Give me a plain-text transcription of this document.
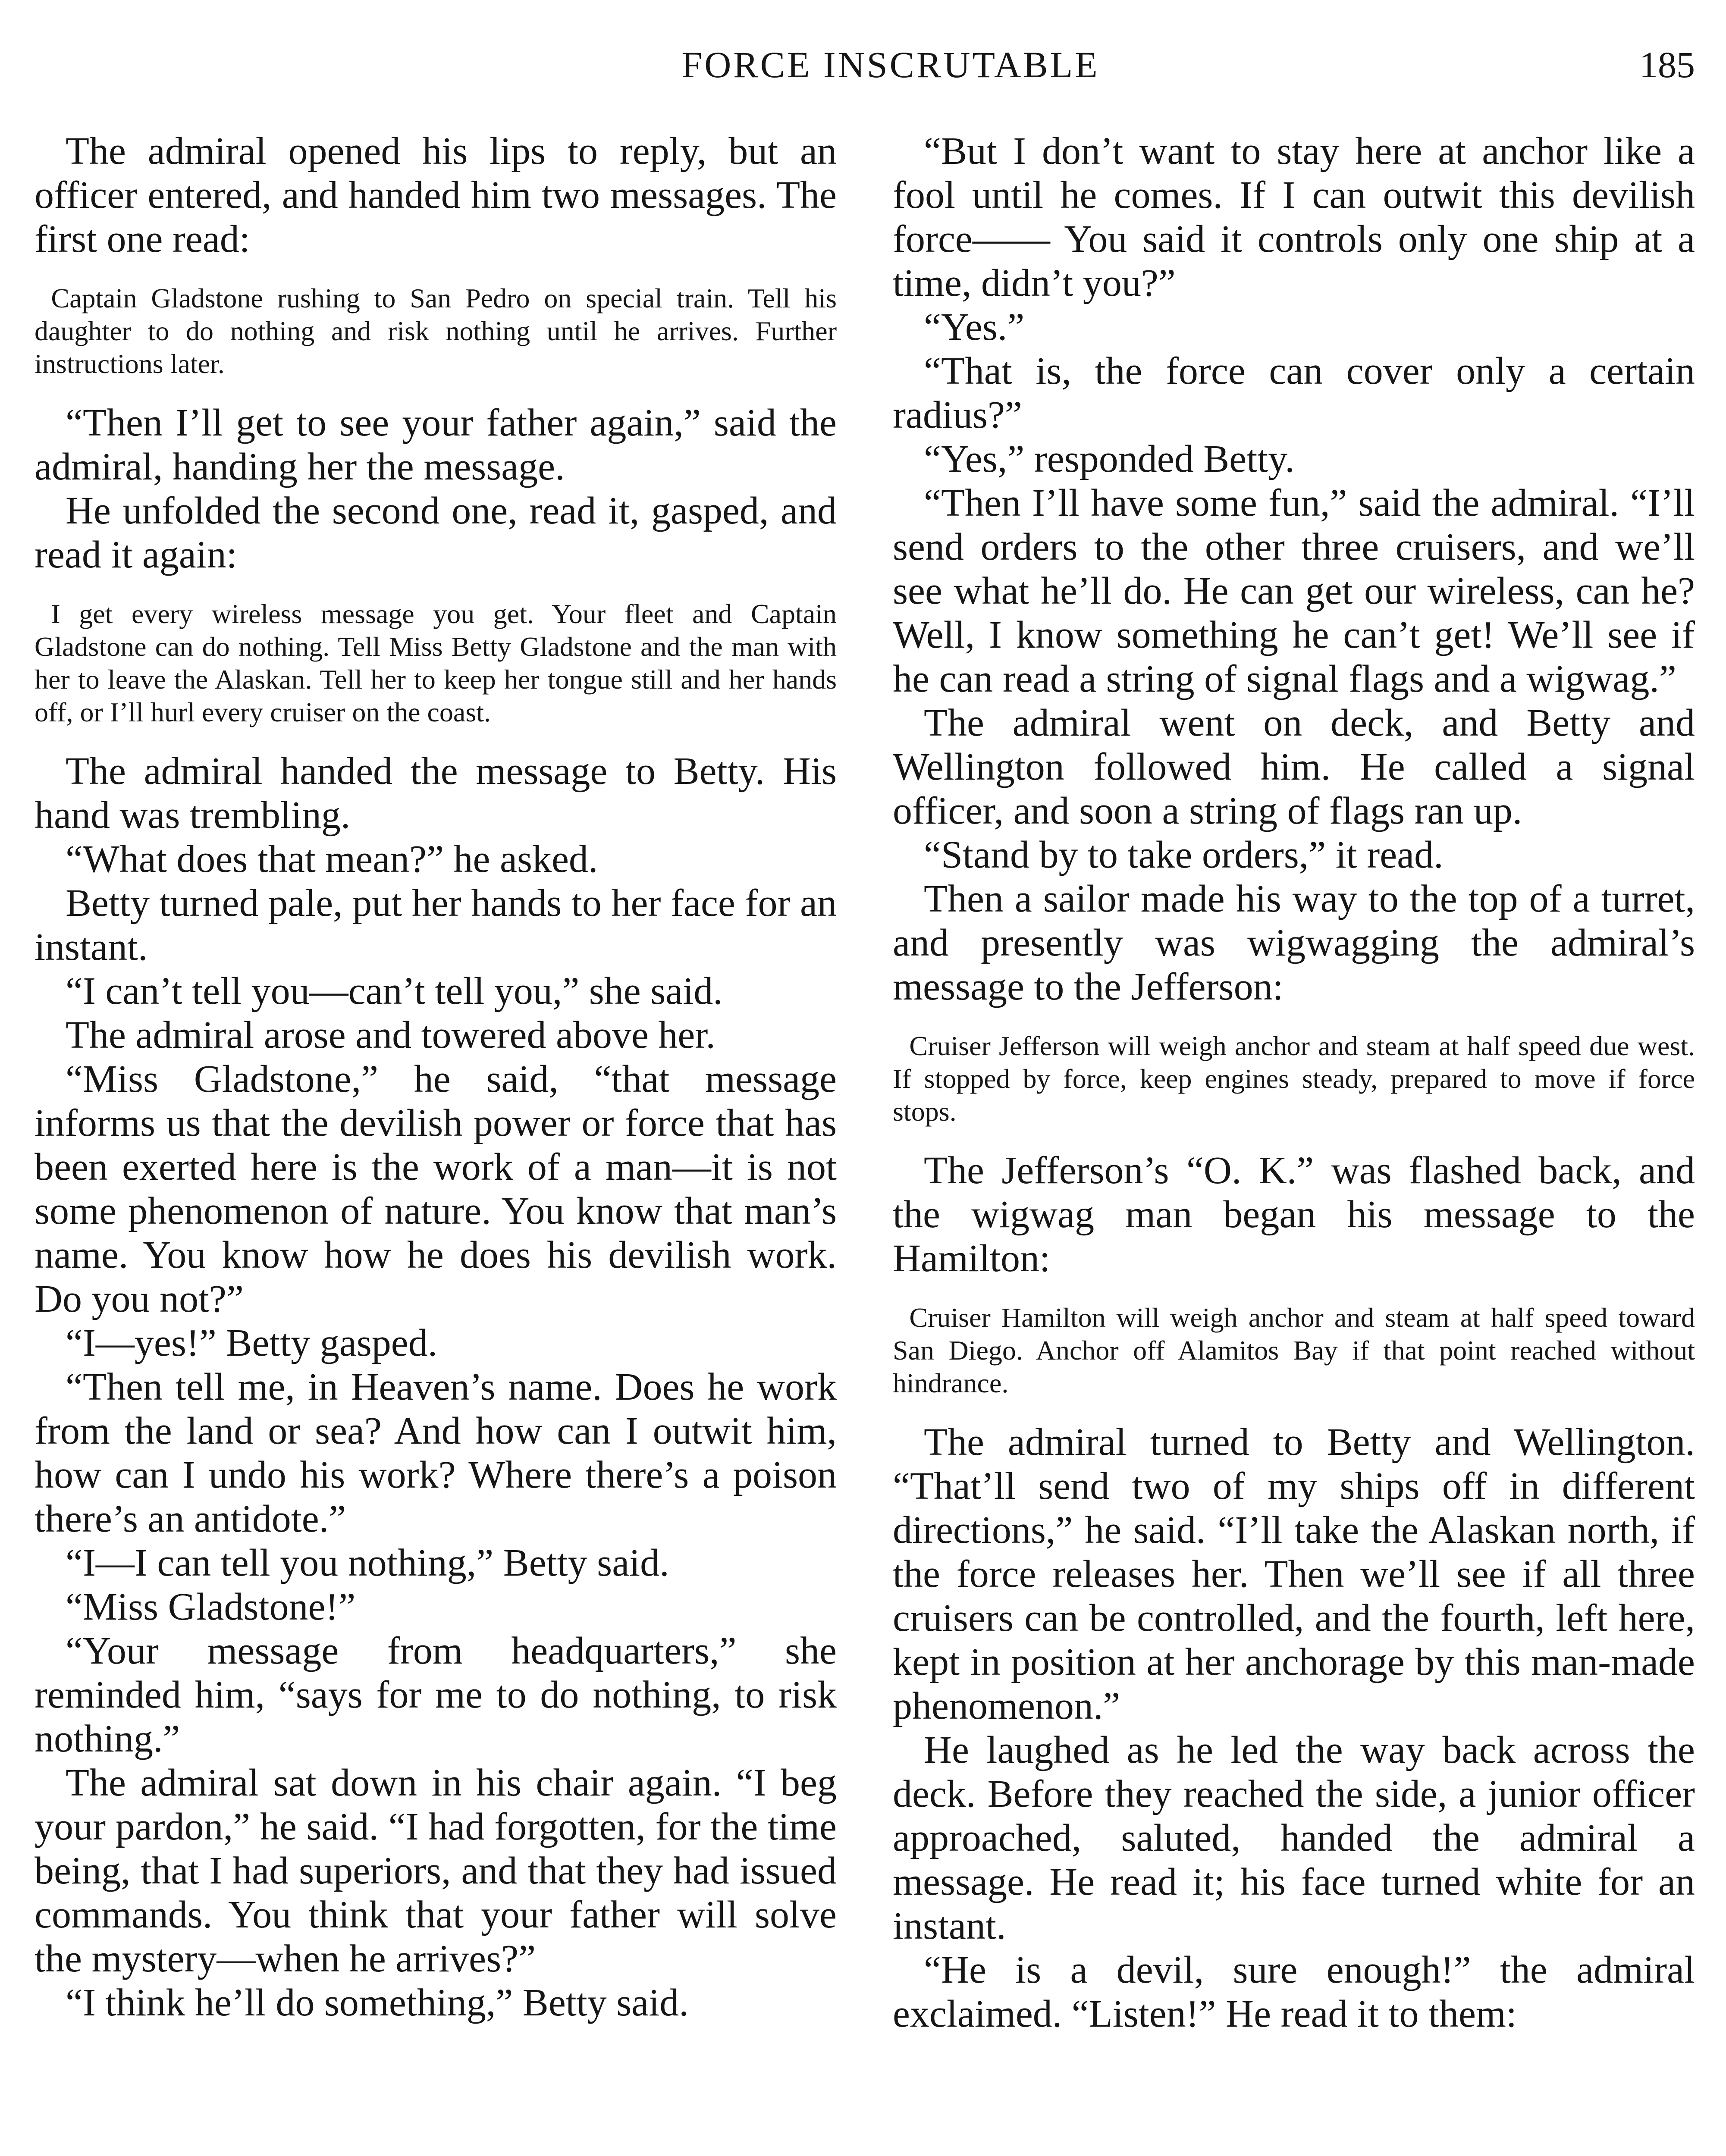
FORCE INSCRUTABLE	185

The admiral opened his lips to reply, but an officer entered, and handed him two messages. The first one read:

Captain Gladstone rushing to San Pedro on special train. Tell his daughter to do nothing and risk nothing until he arrives. Further instructions later.

“Then I’ll get to see your father again,” said the admiral, handing her the message.

He unfolded the second one, read it, gasped, and read it again:

I get every wireless message you get. Your fleet and Captain Gladstone can do nothing. Tell Miss Betty Gladstone and the man with her to leave the Alaskan. Tell her to keep her tongue still and her hands off, or I’ll hurl every cruiser on the coast.

The admiral handed the message to Betty. His hand was trembling.

“What does that mean?” he asked.

Betty turned pale, put her hands to her face for an instant.

“I can’t tell you—can’t tell you,” she said.

The admiral arose and towered above her.

“Miss Gladstone,” he said, “that message informs us that the devilish power or force that has been exerted here is the work of a man—it is not some phenomenon of nature. You know that man’s name. You know how he does his devilish work. Do you not?”

“I—yes!” Betty gasped.

“Then tell me, in Heaven’s name. Does he work from the land or sea? And how can I outwit him, how can I undo his work? Where there’s a poison there’s an antidote.”

“I—I can tell you nothing,” Betty said.

“Miss Gladstone!”

“Your message from headquarters,” she reminded him, “says for me to do nothing, to risk nothing.”

The admiral sat down in his chair again. “I beg your pardon,” he said. “I had forgotten, for the time being, that I had superiors, and that they had issued commands. You think that your father will solve the mystery—when he arrives?”

“I think he’ll do something,” Betty said.

“But I don’t want to stay here at anchor like a fool until he comes. If I can outwit this devilish force—— You said it controls only one ship at a time, didn’t you?”

“Yes.”

“That is, the force can cover only a certain radius?”

“Yes,” responded Betty.

“Then I’ll have some fun,” said the admiral. “I’ll send orders to the other three cruisers, and we’ll see what he’ll do. He can get our wireless, can he? Well, I know something he can’t get! We’ll see if he can read a string of signal flags and a wigwag.”

The admiral went on deck, and Betty and Wellington followed him. He called a signal officer, and soon a string of flags ran up.

“Stand by to take orders,” it read.

Then a sailor made his way to the top of a turret, and presently was wigwagging the admiral’s message to the Jefferson:

Cruiser Jefferson will weigh anchor and steam at half speed due west. If stopped by force, keep engines steady, prepared to move if force stops.

The Jefferson’s “O. K.” was flashed back, and the wigwag man began his message to the Hamilton:

Cruiser Hamilton will weigh anchor and steam at half speed toward San Diego. Anchor off Alamitos Bay if that point reached without hindrance.

The admiral turned to Betty and Wellington. “That’ll send two of my ships off in different directions,” he said. “I’ll take the Alaskan north, if the force releases her. Then we’ll see if all three cruisers can be controlled, and the fourth, left here, kept in position at her anchorage by this man-made phenomenon.”

He laughed as he led the way back across the deck. Before they reached the side, a junior officer approached, saluted, handed the admiral a message. He read it; his face turned white for an instant.

“He is a devil, sure enough!” the admiral exclaimed. “Listen!” He read it to them:
